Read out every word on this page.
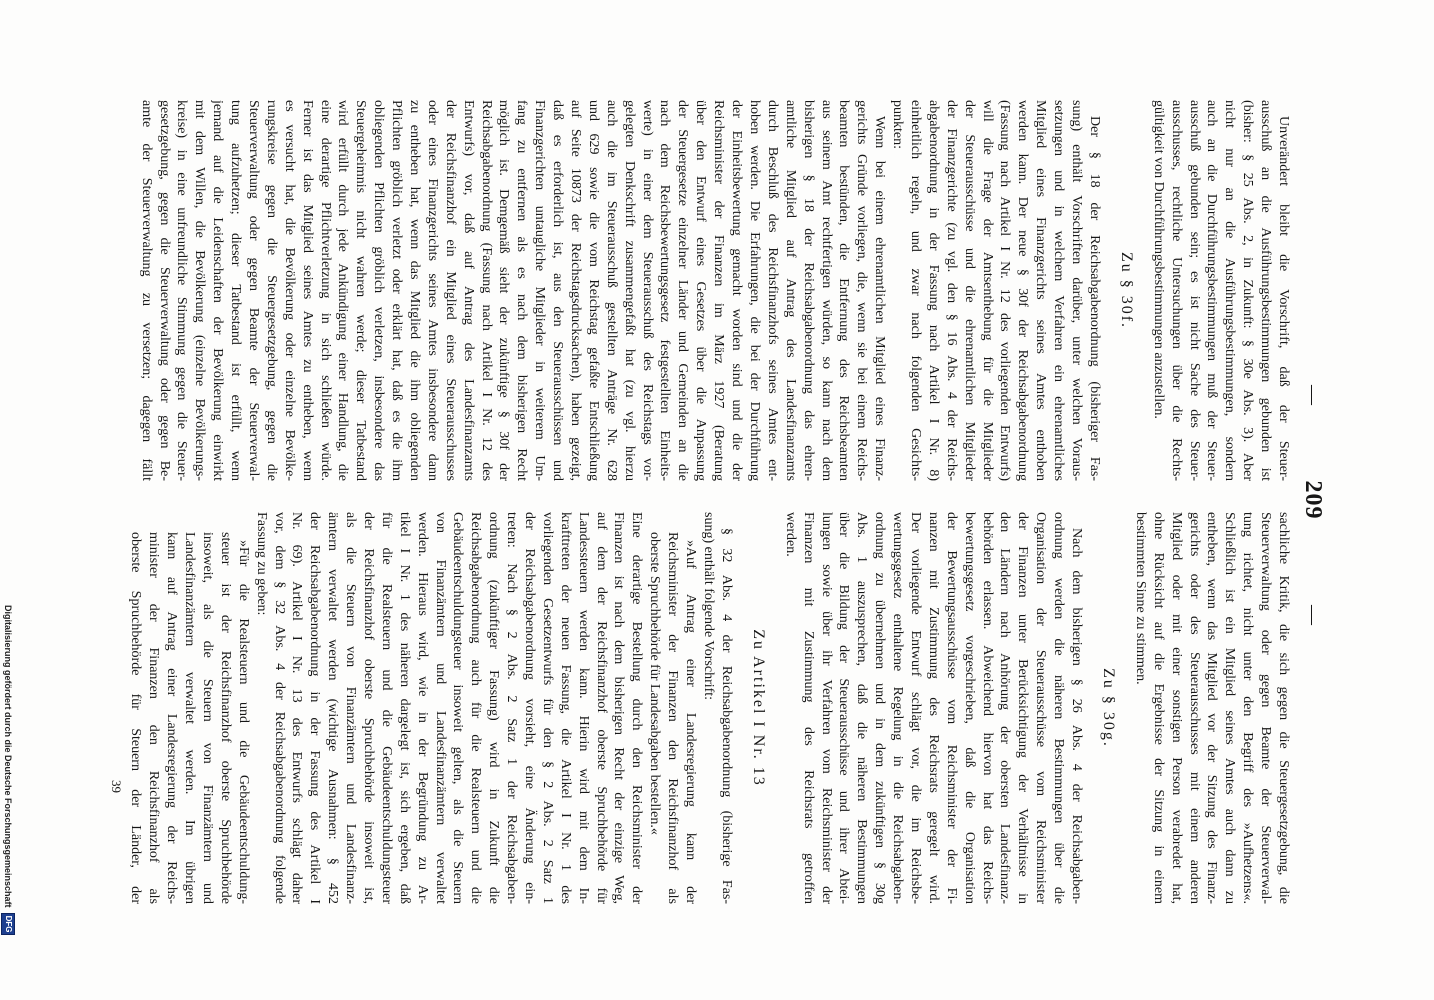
—
209
—
Unverändert bleibt die Vorschrift, daß der Steuer-
ausschuß an die Ausführungsbestimmungen gebunden ist
(bisher: § 25 Abs. 2, in Zukunft: § 30e Abs. 3). Aber
nicht nur an die Ausführungsbestimmungen, sondern
auch an die Durchführungsbestimmungen muß der Steuer-
ausschuß gebunden sein; es ist nicht Sache des Steuer-
ausschusses, rechtliche Untersuchungen über die Rechts-
gültigkeit von Durchführungsbestimmungen anzustellen.
Zu § 30f.
Der § 18 der Reichsabgabenordnung (bisheriger Fas-
sung) enthält Vorschriften darüber, unter welchen Voraus-
setzungen und in welchem Verfahren ein ehrenamtliches
Mitglied eines Finanzgerichts seines Amtes enthoben
werden kann. Der neue § 30f der Reichsabgabenordnung
(Fassung nach Artikel I Nr. 12 des vorliegenden Entwurfs)
will die Frage der Amtsenthebung für die Mitglieder
der Steuerausschüsse und die ehrenamtlichen Mitglieder
der Finanzgerichte (zu vgl. den § 16 Abs. 4 der Reichs-
abgabenordnung in der Fassung nach Artikel I Nr. 8)
einheitlich regeln, und zwar nach folgenden Gesichts-
punkten:
Wenn bei einem ehrenamtlichen Mitglied eines Finanz-
gerichts Gründe vorliegen, die, wenn sie bei einem Reichs-
beamten bestünden, die Entfernung des Reichsbeamten
aus seinem Amt rechtfertigen würden, so kann nach dem
bisherigen § 18 der Reichsabgabenordnung das ehren-
amtliche Mitglied auf Antrag des Landesfinanzamts
durch Beschluß des Reichsfinanzhofs seines Amtes ent-
hoben werden. Die Erfahrungen, die bei der Durchführung
der Einheitsbewertung gemacht worden sind und die der
Reichsminister der Finanzen im März 1927 (Beratung
über den Entwurf eines Gesetzes über die Anpassung
der Steuergesetze einzelner Länder und Gemeinden an die
nach dem Reichsbewertungsgesetz festgestellten Einheits-
werte) in einer dem Steuerausschuß des Reichstags vor-
gelegten Denkschrift zusammengefaßt hat (zu vgl. hierzu
auch die im Steuerausschuß gestellten Anträge Nr. 628
und 629 sowie die vom Reichstag gefaßte Entschließung
auf Seite 10873 der Reichstagsdrucksachen), haben gezeigt,
daß es erforderlich ist, aus den Steuerausschüssen und
Finanzgerichten untaugliche Mitglieder in weiterem Um-
fang zu entfernen als es nach dem bisherigen Recht
möglich ist. Demgemäß sieht der zukünftige § 30f der
Reichsabgabenordnung (Fassung nach Artikel I Nr. 12 des
Entwurfs) vor, daß auf Antrag des Landesfinanzamts
der Reichsfinanzhof ein Mitglied eines Steuerausschusses
oder eines Finanzgerichts seines Amtes insbesondere dann
zu entheben hat, wenn das Mitglied die ihm obliegenden
Pflichten gröblich verletzt oder erklärt hat, daß es die ihm
obliegenden Pflichten gröblich verletzen, insbesondere das
Steuergeheimnis nicht wahren werde; dieser Tatbestand
wird erfüllt durch jede Ankündigung einer Handlung, die
eine derartige Pflichtverletzung in sich schließen würde.
Ferner ist das Mitglied seines Amtes zu entheben, wenn
es versucht hat, die Bevölkerung oder einzelne Bevölke-
rungskreise gegen die Steuergesetzgebung, gegen die
Steuerverwaltung oder gegen Beamte der Steuerverwal-
tung aufzuhetzen; dieser Tatbestand ist erfüllt, wenn
jemand auf die Leidenschaften der Bevölkerung einwirkt
mit dem Willen, die Bevölkerung (einzelne Bevölkerungs-
kreise) in eine unfreundliche Stimmung gegen die Steuer-
gesetzgebung, gegen die Steuerverwaltung oder gegen Be-
amte der Steuerverwaltung zu versetzen; dagegen fällt
sachliche Kritik, die sich gegen die Steuergesetzgebung, die
Steuerverwaltung oder gegen Beamte der Steuerverwal-
tung richtet, nicht unter den Begriff des »Aufhetzens«.
Schließlich ist ein Mitglied seines Amtes auch dann zu
entheben, wenn das Mitglied vor der Sitzung des Finanz-
gerichts oder des Steuerausschusses mit einem anderen
Mitglied oder mit einer sonstigen Person verabredet hat,
ohne Rücksicht auf die Ergebnisse der Sitzung in einem
bestimmten Sinne zu stimmen.
Zu § 30g.
Nach dem bisherigen § 26 Abs. 4 der Reichsabgaben-
ordnung werden die näheren Bestimmungen über die
Organisation der Steuerausschüsse vom Reichsminister
der Finanzen unter Berücksichtigung der Verhältnisse in
den Ländern nach Anhörung der obersten Landesfinanz-
behörden erlassen. Abweichend hiervon hat das Reichs-
bewertungsgesetz vorgeschrieben, daß die Organisation
der Bewertungsausschüsse vom Reichsminister der Fi-
nanzen mit Zustimmung des Reichsrats geregelt wird.
Der vorliegende Entwurf schlägt vor, die im Reichsbe-
wertungsgesetz enthaltene Regelung in die Reichsabgaben-
ordnung zu übernehmen und in dem zukünftigen § 30g
Abs. 1 auszusprechen, daß die näheren Bestimmungen
über die Bildung der Steuerausschüsse und ihrer Abtei-
lungen sowie über ihr Verfahren vom Reichsminister der
Finanzen mit Zustimmung des Reichsrats getroffen
werden.
Zu Artikel I Nr. 13
§ 32 Abs. 4 der Reichsabgabenordnung (bisherige Fas-
sung) enthält folgende Vorschrift:
»Auf Antrag einer Landesregierung kann der
Reichsminister der Finanzen den Reichsfinanzhof als
oberste Spruchbehörde für Landesabgaben bestellen.«
Eine derartige Bestellung durch den Reichsminister der
Finanzen ist nach dem bisherigen Recht der einzige Weg,
auf dem der Reichsfinanzhof oberste Spruchbehörde für
Landessteuern werden kann. Hierin wird mit dem In-
krafttreten der neuen Fassung, die Artikel I Nr. 1 des
vorliegenden Gesetzentwurfs für den § 2 Abs. 2 Satz 1
der Reichsabgabenordnung vorsieht, eine Änderung ein-
treten: Nach § 2 Abs. 2 Satz 1 der Reichsabgaben-
ordnung (zukünftiger Fassung) wird in Zukunft die
Reichsabgabenordnung auch für die Realsteuern und die
Gebäudeentschuldungsteuer insoweit gelten, als die Steuern
von Finanzämtern und Landesfinanzämtern verwaltet
werden. Hieraus wird, wie in der Begründung zu Ar-
tikel I Nr. 1 des näheren dargelegt ist, sich ergeben, daß
für die Realsteuern und die Gebäudeentschuldungsteuer
der Reichsfinanzhof oberste Spruchbehörde insoweit ist,
als die Steuern von Finanzämtern und Landesfinanz-
ämtern verwaltet werden (wichtige Ausnahmen: § 452
der Reichsabgabenordnung in der Fassung des Artikel I
Nr. 69). Artikel I Nr. 13 des Entwurfs schlägt daher
vor, dem § 32 Abs. 4 der Reichsabgabenordnung folgende
Fassung zu geben:
»Für die Realsteuern und die Gebäudeentschuldung-
steuer ist der Reichsfinanzhof oberste Spruchbehörde
insoweit, als die Steuern von Finanzämtern und
Landesfinanzämtern verwaltet werden. Im übrigen
kann auf Antrag einer Landesregierung der Reichs-
minister der Finanzen den Reichsfinanzhof als
oberste Spruchbehörde für Steuern der Länder, der
39
Digitalisierung gefördert durch die Deutsche Forschungsgemeinschaft
DFG
